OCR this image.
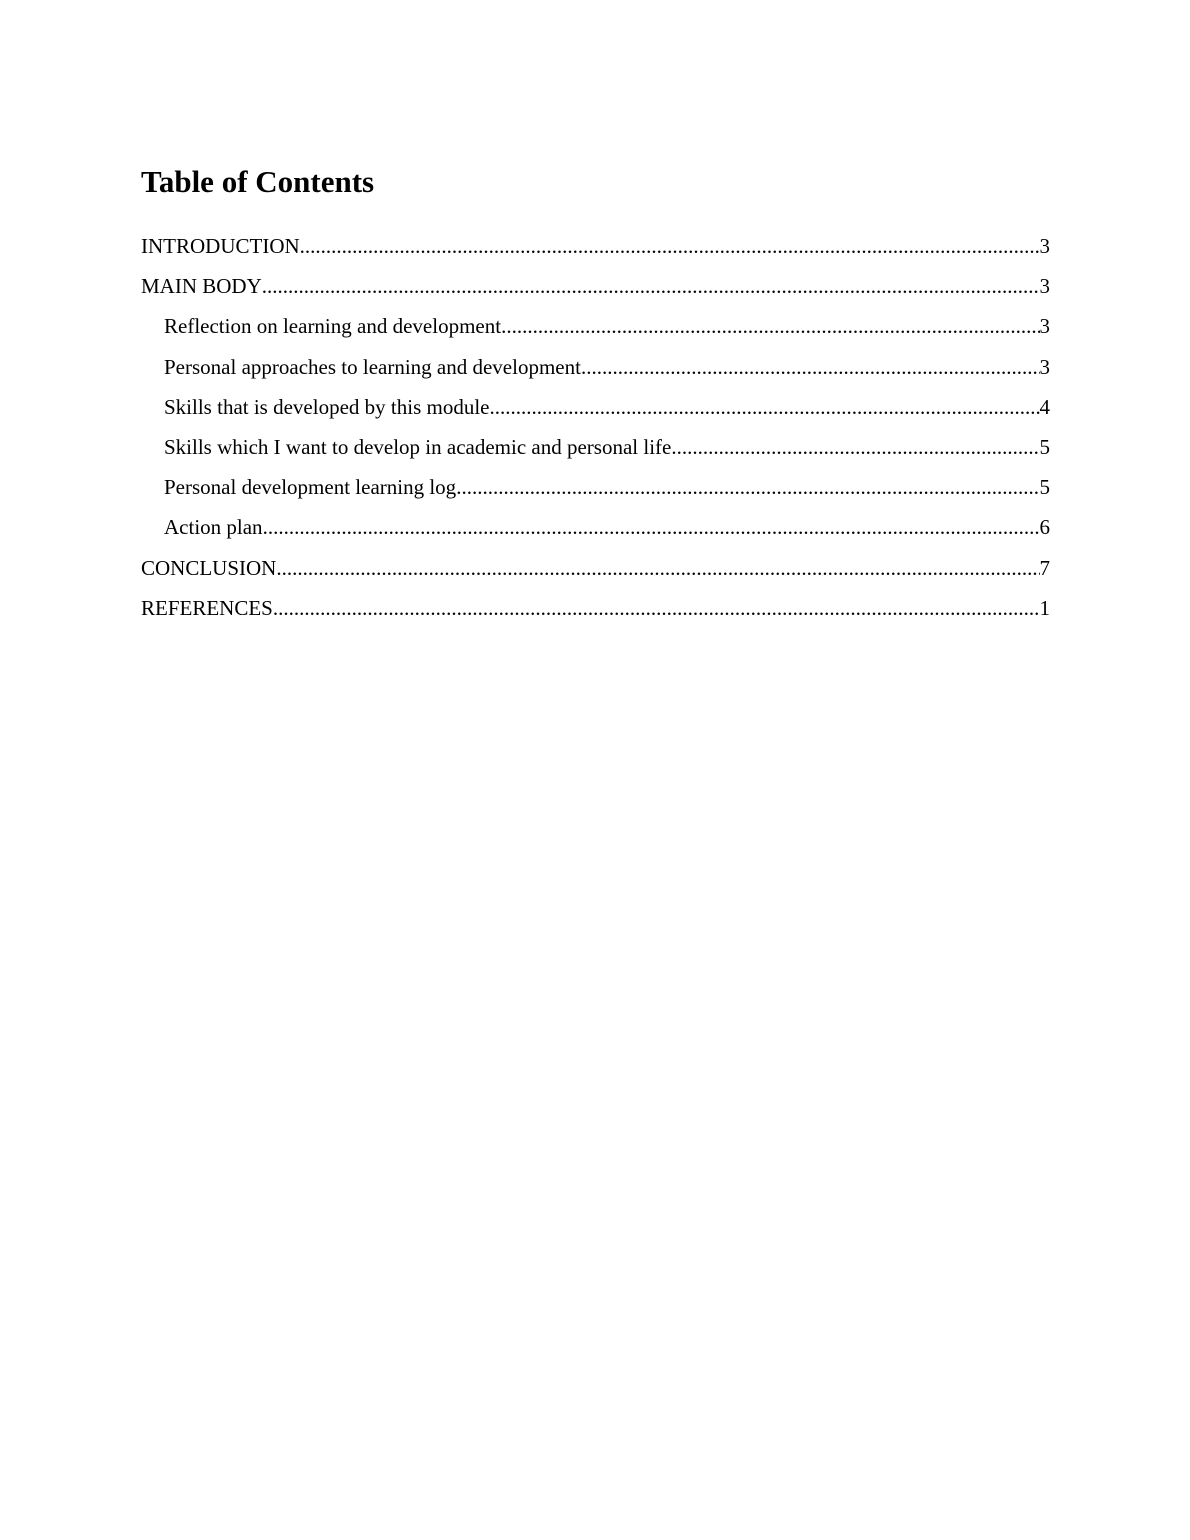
Table of Contents
INTRODUCTION .....	3
MAIN BODY .....	3
Reflection on learning and development .....	3
Personal approaches to learning and development .....	3
Skills that is developed by this module .....	4
Skills which I want to develop in academic and personal life .....	5
Personal development learning log .....	5
Action plan .....	6
CONCLUSION .....	7
REFERENCES .....	1
